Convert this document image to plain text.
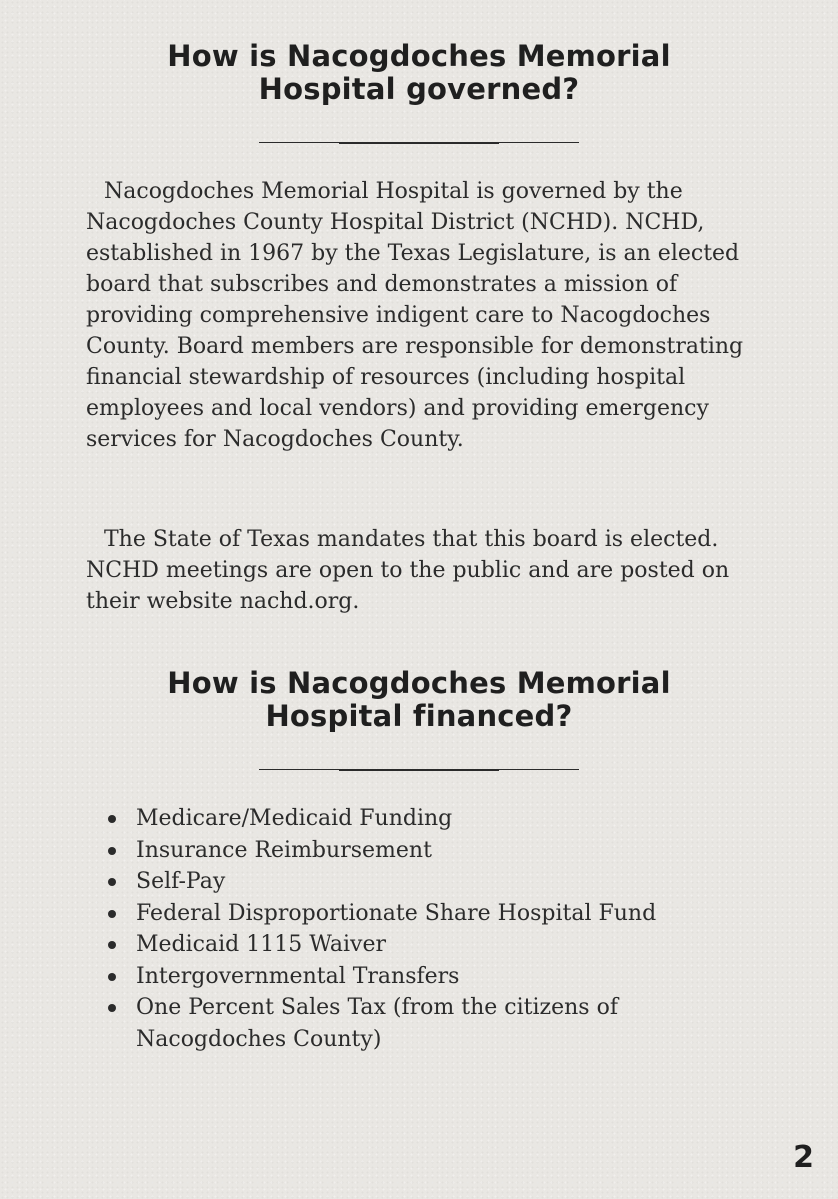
How is Nacogdoches Memorial
Hospital governed?

Nacogdoches Memorial Hospital is governed by the Nacogdoches County Hospital District (NCHD). NCHD, established in 1967 by the Texas Legislature, is an elected board that subscribes and demonstrates a mission of providing comprehensive indigent care to Nacogdoches County. Board members are responsible for demonstrating financial stewardship of resources (including hospital employees and local vendors) and providing emergency services for Nacogdoches County.

The State of Texas mandates that this board is elected. NCHD meetings are open to the public and are posted on their website nachd.org.

How is Nacogdoches Memorial
Hospital financed?
Medicare/Medicaid Funding
Insurance Reimbursement
Self-Pay
Federal Disproportionate Share Hospital Fund
Medicaid 1115 Waiver
Intergovernmental Transfers
One Percent Sales Tax (from the citizens of Nacogdoches County)
2
